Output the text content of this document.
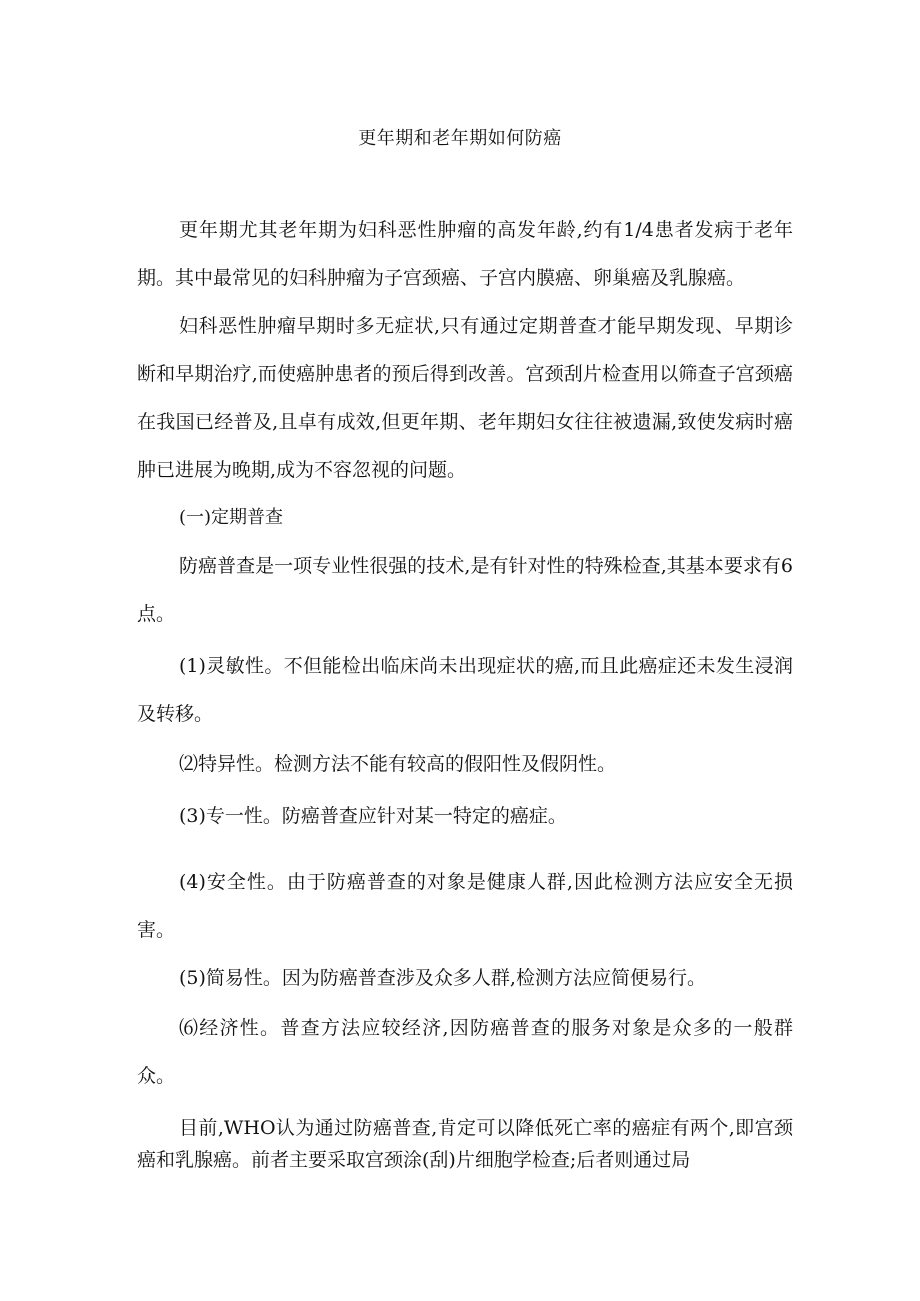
更年期和老年期如何防癌

更年期尤其老年期为妇科恶性肿瘤的高发年龄,约有1/4患者发病于老年期。其中最常见的妇科肿瘤为子宫颈癌、子宫内膜癌、卵巢癌及乳腺癌。

妇科恶性肿瘤早期时多无症状,只有通过定期普查才能早期发现、早期诊断和早期治疗,而使癌肿患者的预后得到改善。宫颈刮片检查用以筛查子宫颈癌在我国已经普及,且卓有成效,但更年期、老年期妇女往往被遗漏,致使发病时癌肿已进展为晚期,成为不容忽视的问题。

(一)定期普查

防癌普查是一项专业性很强的技术,是有针对性的特殊检查,其基本要求有6点。

(1)灵敏性。不但能检出临床尚未出现症状的癌,而且此癌症还未发生浸润及转移。

⑵特异性。检测方法不能有较高的假阳性及假阴性。

(3)专一性。防癌普查应针对某一特定的癌症。

(4)安全性。由于防癌普查的对象是健康人群,因此检测方法应安全无损害。

(5)简易性。因为防癌普查涉及众多人群,检测方法应简便易行。

⑹经济性。普查方法应较经济,因防癌普查的服务对象是众多的一般群众。

目前,WHO认为通过防癌普查,肯定可以降低死亡率的癌症有两个,即宫颈癌和乳腺癌。前者主要采取宫颈涂(刮)片细胞学检查;后者则通过局
